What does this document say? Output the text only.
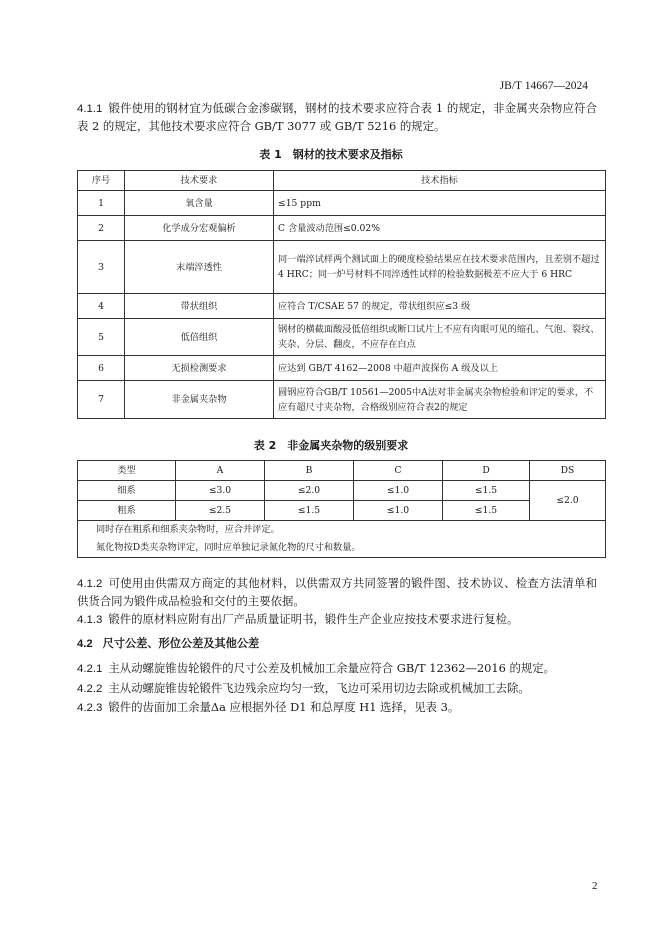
JB/T 14667—2024
4.1.1 锻件使用的钢材宜为低碳合金渗碳钢，钢材的技术要求应符合表 1 的规定，非金属夹杂物应符合表 2 的规定，其他技术要求应符合 GB/T 3077 或 GB/T 5216 的规定。
表 1　钢材的技术要求及指标
序号	技术要求	技术指标
1	氧含量	≤15 ppm
2	化学成分宏观偏析	C 含量波动范围≤0.02%
3	末端淬透性	同一端淬试样两个测试面上的硬度检验结果应在技术要求范围内，且差别不超过 4 HRC；同一炉号材料不同淬透性试样的检验数据极差不应大于 6 HRC
4	带状组织	应符合 T/CSAE 57 的规定，带状组织应≤3 级
5	低倍组织	钢材的横截面酸浸低倍组织或断口试片上不应有肉眼可见的缩孔、气泡、裂纹、夹杂、分层、翻皮，不应存在白点
6	无损检测要求	应达到 GB/T 4162—2008 中超声波探伤 A 级及以上
7	非金属夹杂物	圆钢应符合GB/T 10561—2005中A法对非金属夹杂物检验和评定的要求，不应有超尺寸夹杂物，合格级别应符合表2的规定
表 2　非金属夹杂物的级别要求
类型	A	B	C	D	DS
细系	≤3.0	≤2.0	≤1.0	≤1.5	≤2.0
粗系	≤2.5	≤1.5	≤1.0	≤1.5	

同时存在粗系和细系夹杂物时，应合并评定。
氮化物按D类夹杂物评定，同时应单独记录氮化物的尺寸和数量。					
4.1.2 可使用由供需双方商定的其他材料，以供需双方共同签署的锻件图、技术协议、检查方法清单和供货合同为锻件成品检验和交付的主要依据。
4.1.3 锻件的原材料应附有出厂产品质量证明书，锻件生产企业应按技术要求进行复检。
4.2 尺寸公差、形位公差及其他公差
4.2.1 主从动螺旋锥齿轮锻件的尺寸公差及机械加工余量应符合 GB/T 12362—2016 的规定。
4.2.2 主从动螺旋锥齿轮锻件飞边残余应均匀一致，飞边可采用切边去除或机械加工去除。
4.2.3 锻件的齿面加工余量Δa 应根据外径 D1 和总厚度 H1 选择，见表 3。
2
